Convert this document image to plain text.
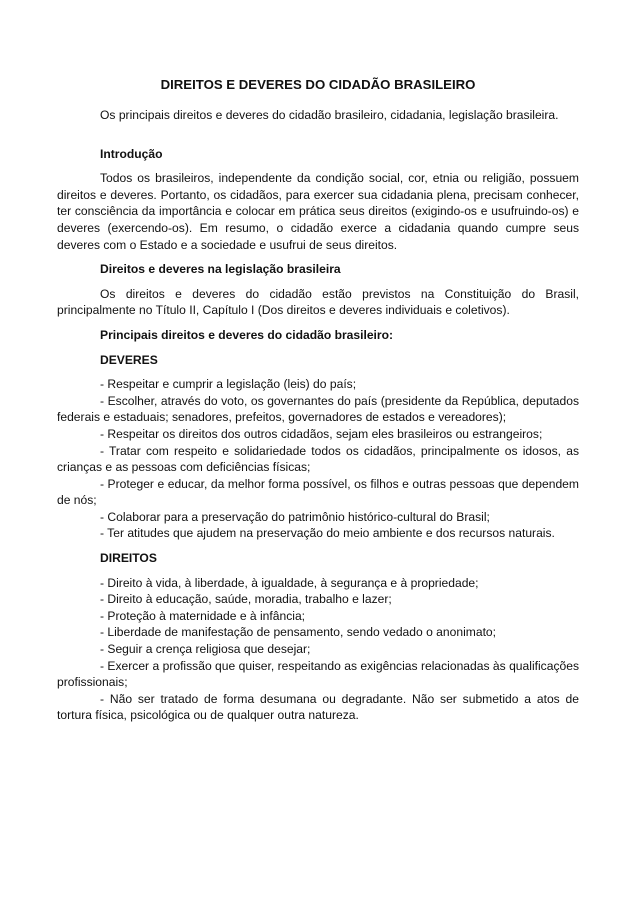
DIREITOS E DEVERES DO CIDADÃO BRASILEIRO

Os principais direitos e deveres do cidadão brasileiro, cidadania, legislação brasileira.

Introdução

Todos os brasileiros, independente da condição social, cor, etnia ou religião, possuem direitos e deveres. Portanto, os cidadãos, para exercer sua cidadania plena, precisam conhecer, ter consciência da importância e colocar em prática seus direitos (exigindo-os e usufruindo-os) e deveres (exercendo-os). Em resumo, o cidadão exerce a cidadania quando cumpre seus deveres com o Estado e a sociedade e usufrui de seus direitos.

Direitos e deveres na legislação brasileira

Os direitos e deveres do cidadão estão previstos na Constituição do Brasil, principalmente no Título II, Capítulo I (Dos direitos e deveres individuais e coletivos).

Principais direitos e deveres do cidadão brasileiro:
DEVERES

- Respeitar e cumprir a legislação (leis) do país;

- Escolher, através do voto, os governantes do país (presidente da República, deputados federais e estaduais; senadores, prefeitos, governadores de estados e vereadores);

- Respeitar os direitos dos outros cidadãos, sejam eles brasileiros ou estrangeiros;

- Tratar com respeito e solidariedade todos os cidadãos, principalmente os idosos, as crianças e as pessoas com deficiências físicas;

- Proteger e educar, da melhor forma possível, os filhos e outras pessoas que dependem de nós;

- Colaborar para a preservação do patrimônio histórico-cultural do Brasil;

- Ter atitudes que ajudem na preservação do meio ambiente e dos recursos naturais.

DIREITOS

- Direito à vida, à liberdade, à igualdade, à segurança e à propriedade;

- Direito à educação, saúde, moradia, trabalho e lazer;

- Proteção à maternidade e à infância;

- Liberdade de manifestação de pensamento, sendo vedado o anonimato;

- Seguir a crença religiosa que desejar;

- Exercer a profissão que quiser, respeitando as exigências relacionadas às qualificações profissionais;

- Não ser tratado de forma desumana ou degradante. Não ser submetido a atos de tortura física, psicológica ou de qualquer outra natureza.
